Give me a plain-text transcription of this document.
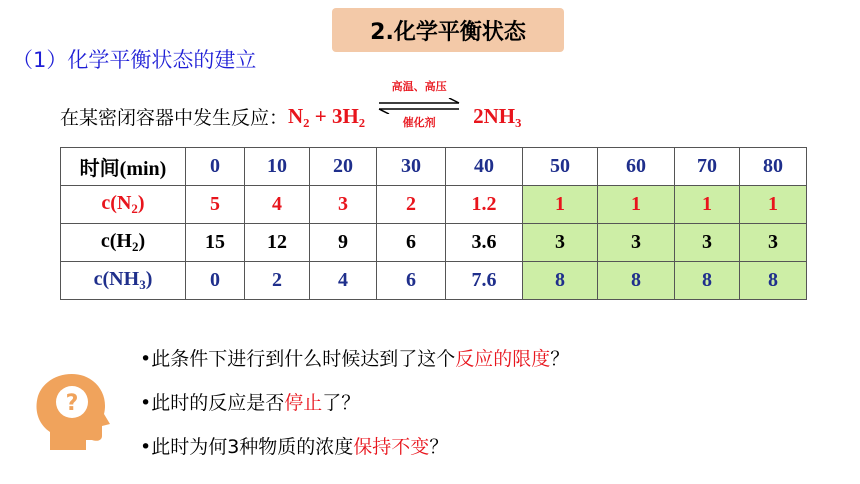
2.化学平衡状态
（1）化学平衡状态的建立
在某密闭容器中发生反应： N₂ + 3H₂
高温、高压
催化剂	2NH₃
时间(min)	0	10	20	30	40	50	60	70	80
$c(N_2)$	5	4	3	2	1.2	1	1	1	1
$c(H_2)$	15	12	9	6	3.6	3	3	3	3
$c(NH_3)$	0	2	4	6	7.6	8	8	8	8
?
•此条件下进行到什么时候达到了这个反应的限度？
•此时的反应是否停止了？
•此时为何3种物质的浓度保持不变？
